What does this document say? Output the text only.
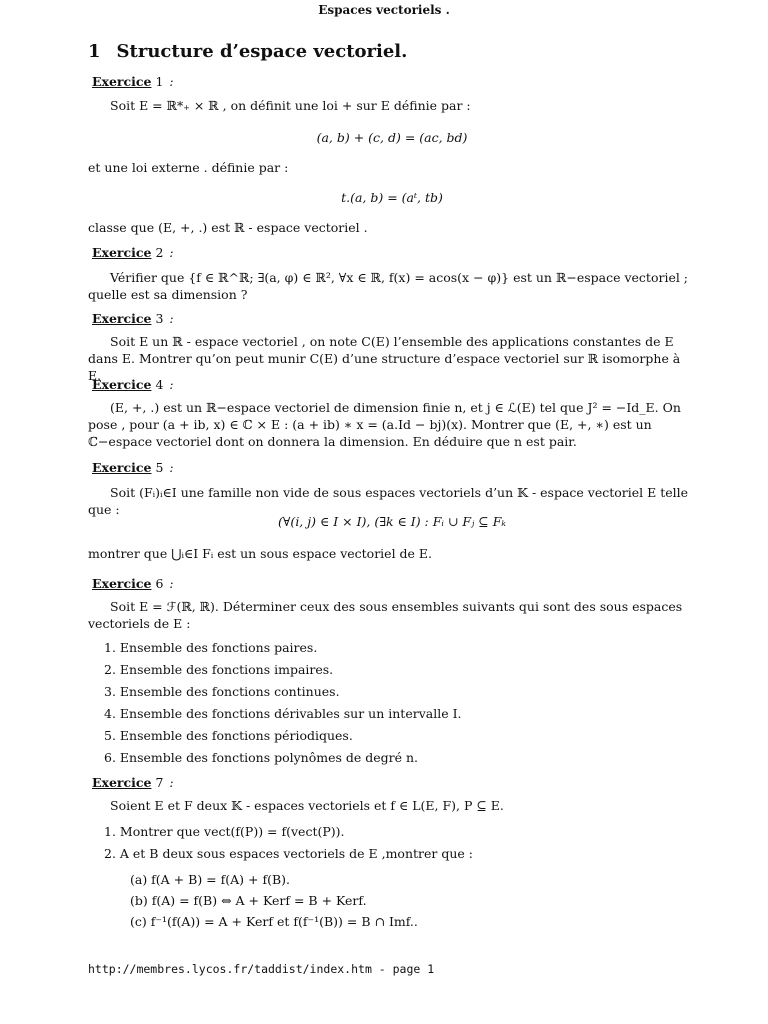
Espaces vectoriels .
1 Structure d’espace vectoriel.
Exercice 1 :
Soit E = ℝ*₊ × ℝ , on définit une loi + sur E définie par :
(a, b) + (c, d) = (ac, bd)
et une loi externe . définie par :
t.(a, b) = (aᵗ, tb)
classe que (E, +, .) est ℝ - espace vectoriel .
Exercice 2 :
Vérifier que {f ∈ ℝ^ℝ; ∃(a, φ) ∈ ℝ², ∀x ∈ ℝ, f(x) = acos(x − φ)} est un ℝ−espace vectoriel ; quelle est sa dimension ?
Exercice 3 :
Soit E un ℝ - espace vectoriel , on note C(E) l’ensemble des applications constantes de E dans E. Montrer qu’on peut munir C(E) d’une structure d’espace vectoriel sur ℝ isomorphe à E.
Exercice 4 :
(E, +, .) est un ℝ−espace vectoriel de dimension finie n, et j ∈ ℒ(E) tel que J² = −Id_E. On pose , pour (a + ib, x) ∈ ℂ × E : (a + ib) ∗ x = (a.Id − bj)(x). Montrer que (E, +, ∗) est un ℂ−espace vectoriel dont on donnera la dimension. En déduire que n est pair.
Exercice 5 :
Soit (Fᵢ)ᵢ∈I une famille non vide de sous espaces vectoriels d’un 𝕂 - espace vectoriel E telle que :
(∀(i, j) ∈ I × I), (∃k ∈ I) : Fᵢ ∪ Fⱼ ⊆ Fₖ
montrer que ⋃ᵢ∈I Fᵢ est un sous espace vectoriel de E.
Exercice 6 :
Soit E = ℱ(ℝ, ℝ). Déterminer ceux des sous ensembles suivants qui sont des sous espaces vectoriels de E :
1. Ensemble des fonctions paires.
2. Ensemble des fonctions impaires.
3. Ensemble des fonctions continues.
4. Ensemble des fonctions dérivables sur un intervalle I.
5. Ensemble des fonctions périodiques.
6. Ensemble des fonctions polynômes de degré n.
Exercice 7 :
Soient E et F deux 𝕂 - espaces vectoriels et f ∈ L(E, F), P ⊆ E.
1. Montrer que vect(f(P)) = f(vect(P)).
2. A et B deux sous espaces vectoriels de E ,montrer que :
(a) f(A + B) = f(A) + f(B).
(b) f(A) = f(B) ⇔ A + Kerf = B + Kerf.
(c) f⁻¹(f(A)) = A + Kerf et f(f⁻¹(B)) = B ∩ Imf..
http://membres.lycos.fr/taddist/index.htm - page 1
